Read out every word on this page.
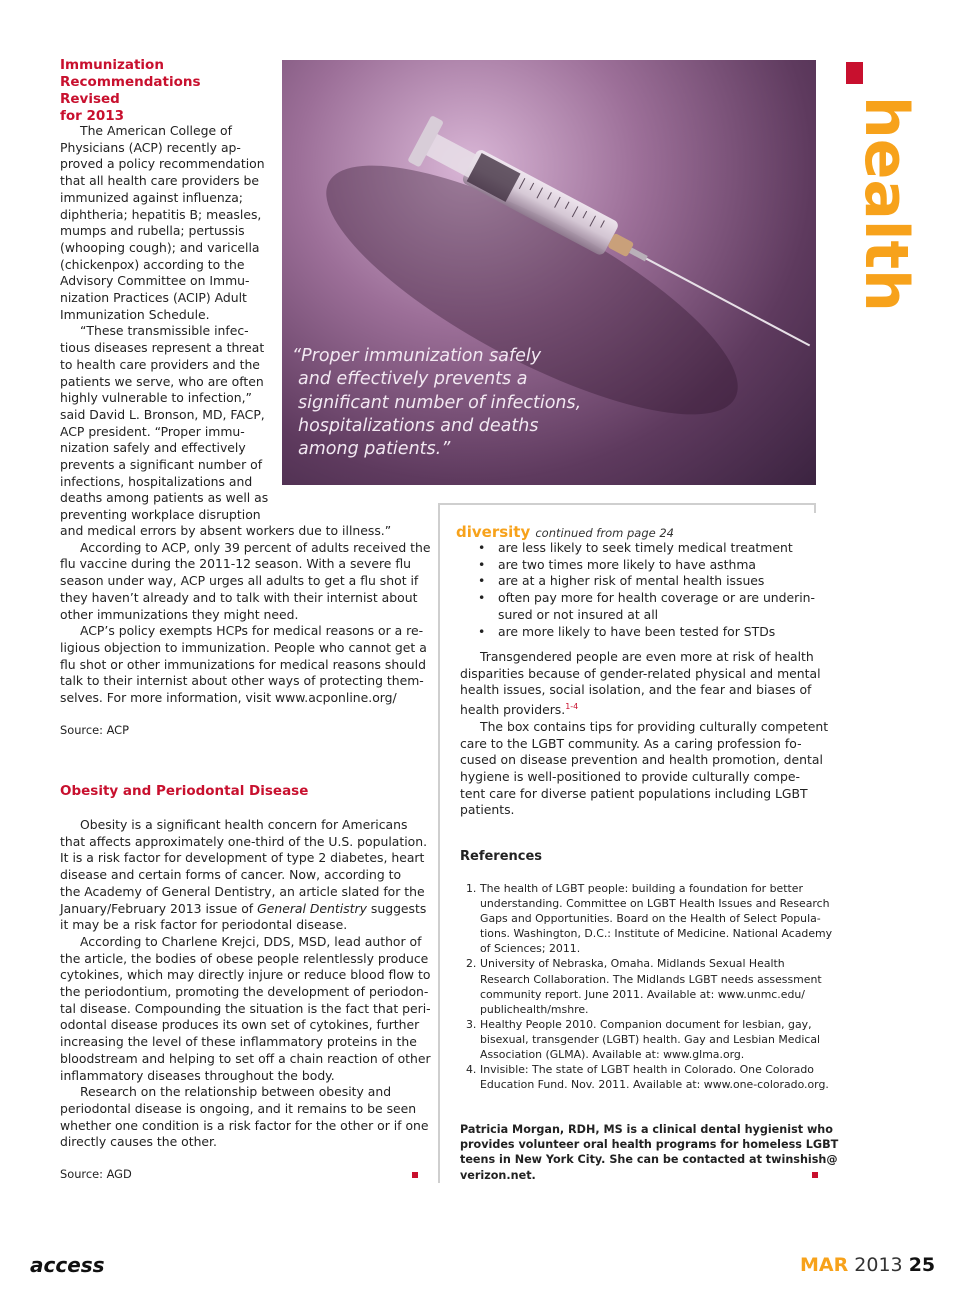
Immunization
Recommendations Revised
for 2013
The American College of
Physicians (ACP) recently ap-
proved a policy recommendation
that all health care providers be
immunized against influenza;
diphtheria; hepatitis B; measles,
mumps and rubella; pertussis
(whooping cough); and varicella
(chickenpox) according to the
Advisory Committee on Immu-
nization Practices (ACIP) Adult
Immunization Schedule.
“These transmissible infec-
tious diseases represent a threat
to health care providers and the
patients we serve, who are often
highly vulnerable to infection,”
said David L. Bronson, MD, FACP,
ACP president. “Proper immu-
nization safely and effectively
prevents a significant number of
infections, hospitalizations and
deaths among patients as well as
preventing workplace disruption
and medical errors by absent workers due to illness.”
According to ACP, only 39 percent of adults received the
flu vaccine during the 2011-12 season. With a severe flu
season under way, ACP urges all adults to get a flu shot if
they haven’t already and to talk with their internist about
other immunizations they might need.
ACP’s policy exempts HCPs for medical reasons or a re-
ligious objection to immunization. People who cannot get a
flu shot or other immunizations for medical reasons should
talk to their internist about other ways of protecting them-
selves. For more information, visit www.acponline.org/
Source: ACP
Obesity and Periodontal Disease
Obesity is a significant health concern for Americans
that affects approximately one-third of the U.S. population.
It is a risk factor for development of type 2 diabetes, heart
disease and certain forms of cancer. Now, according to
the Academy of General Dentistry, an article slated for the
January/February 2013 issue of General Dentistry suggests
it may be a risk factor for periodontal disease.
According to Charlene Krejci, DDS, MSD, lead author of
the article, the bodies of obese people relentlessly produce
cytokines, which may directly injure or reduce blood flow to
the periodontium, promoting the development of periodon-
tal disease. Compounding the situation is the fact that peri-
odontal disease produces its own set of cytokines, further
increasing the level of these inflammatory proteins in the
bloodstream and helping to set off a chain reaction of other
inflammatory diseases throughout the body.
Research on the relationship between obesity and
periodontal disease is ongoing, and it remains to be seen
whether one condition is a risk factor for the other or if one
directly causes the other.
Source: AGD
“Proper immunization safely
and effectively prevents a
significant number of infections,
hospitalizations and deaths
among patients.”
health
diversity continued from page 24
• are less likely to seek timely medical treatment
• are two times more likely to have asthma
• are at a higher risk of mental health issues
• often pay more for health coverage or are underin-
sured or not insured at all
• are more likely to have been tested for STDs
Transgendered people are even more at risk of health
disparities because of gender-related physical and mental
health issues, social isolation, and the fear and biases of
health providers.$^{1-4}$
The box contains tips for providing culturally competent
care to the LGBT community. As a caring profession fo-
cused on disease prevention and health promotion, dental
hygiene is well-positioned to provide culturally compe-
tent care for diverse patient populations including LGBT
patients.
References
1. The health of LGBT people: building a foundation for better
understanding. Committee on LGBT Health Issues and Research
Gaps and Opportunities. Board on the Health of Select Popula-
tions. Washington, D.C.: Institute of Medicine. National Academy
of Sciences; 2011.
2. University of Nebraska, Omaha. Midlands Sexual Health
Research Collaboration. The Midlands LGBT needs assessment
community report. June 2011. Available at: www.unmc.edu/
publichealth/mshre.
3. Healthy People 2010. Companion document for lesbian, gay,
bisexual, transgender (LGBT) health. Gay and Lesbian Medical
Association (GLMA). Available at: www.glma.org.
4. Invisible: The state of LGBT health in Colorado. One Colorado
Education Fund. Nov. 2011. Available at: www.one-colorado.org.
Patricia Morgan, RDH, MS is a clinical dental hygienist who
provides volunteer oral health programs for homeless LGBT
teens in New York City. She can be contacted at twinshish@
verizon.net.
access	MAR 2013 25
